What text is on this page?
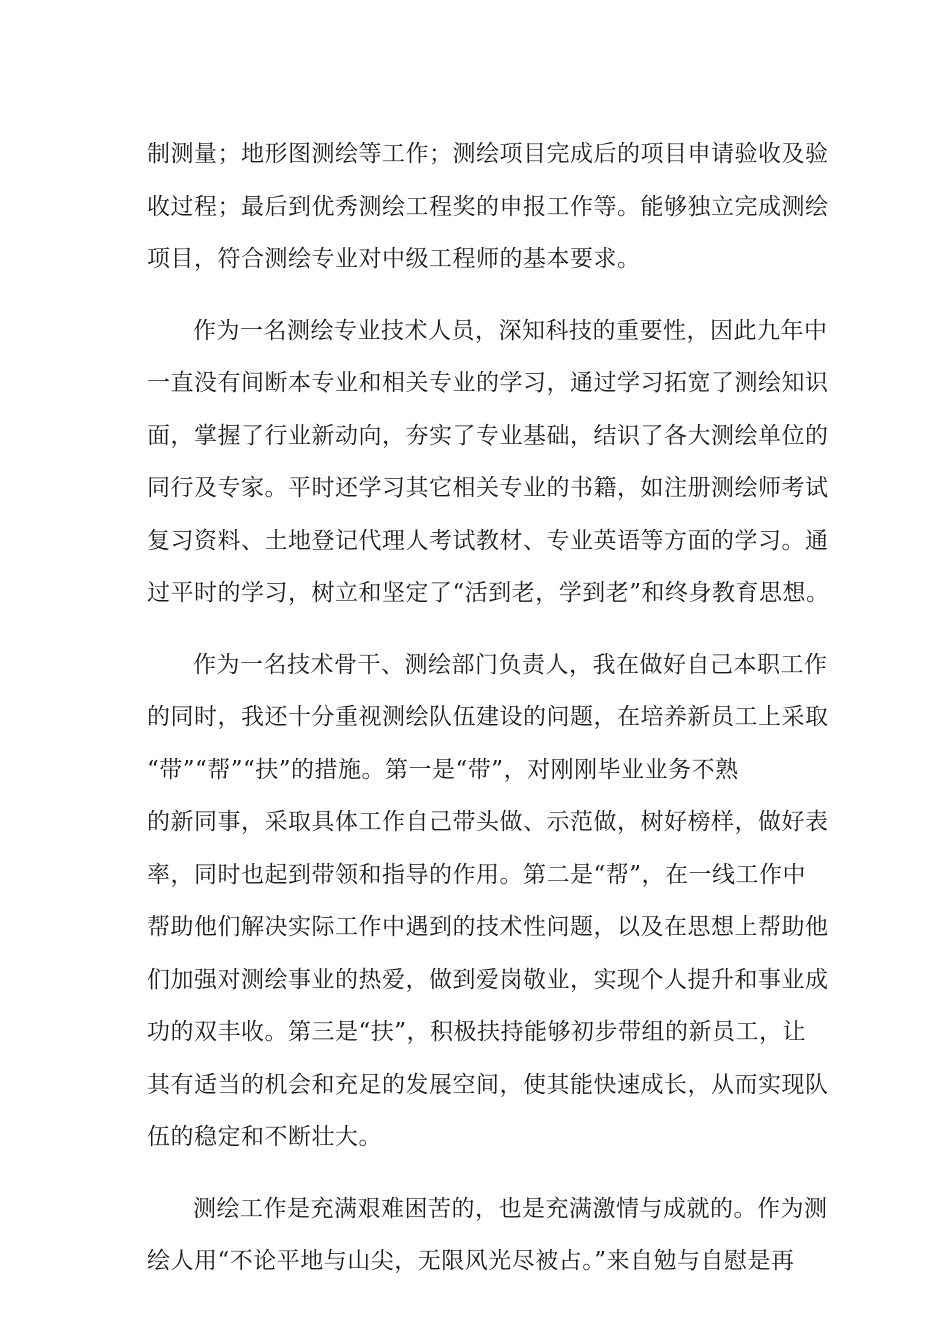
制测量；地形图测绘等工作；测绘项目完成后的项目申请验收及验
收过程；最后到优秀测绘工程奖的申报工作等。能够独立完成测绘
项目，符合测绘专业对中级工程师的基本要求。

作为一名测绘专业技术人员，深知科技的重要性，因此九年中
一直没有间断本专业和相关专业的学习，通过学习拓宽了测绘知识
面，掌握了行业新动向，夯实了专业基础，结识了各大测绘单位的
同行及专家。平时还学习其它相关专业的书籍，如注册测绘师考试
复习资料、土地登记代理人考试教材、专业英语等方面的学习。通
过平时的学习，树立和坚定了“活到老，学到老”和终身教育思想。

作为一名技术骨干、测绘部门负责人，我在做好自己本职工作
的同时，我还十分重视测绘队伍建设的问题，在培养新员工上采取
“带”“帮”“扶”的措施。第一是“带”，对刚刚毕业业务不熟
的新同事，采取具体工作自己带头做、示范做，树好榜样，做好表
率，同时也起到带领和指导的作用。第二是“帮”，在一线工作中
帮助他们解决实际工作中遇到的技术性问题，以及在思想上帮助他
们加强对测绘事业的热爱，做到爱岗敬业，实现个人提升和事业成
功的双丰收。第三是“扶”，积极扶持能够初步带组的新员工，让
其有适当的机会和充足的发展空间，使其能快速成长，从而实现队
伍的稳定和不断壮大。

测绘工作是充满艰难困苦的，也是充满激情与成就的。作为测
绘人用“不论平地与山尖，无限风光尽被占。”来自勉与自慰是再
